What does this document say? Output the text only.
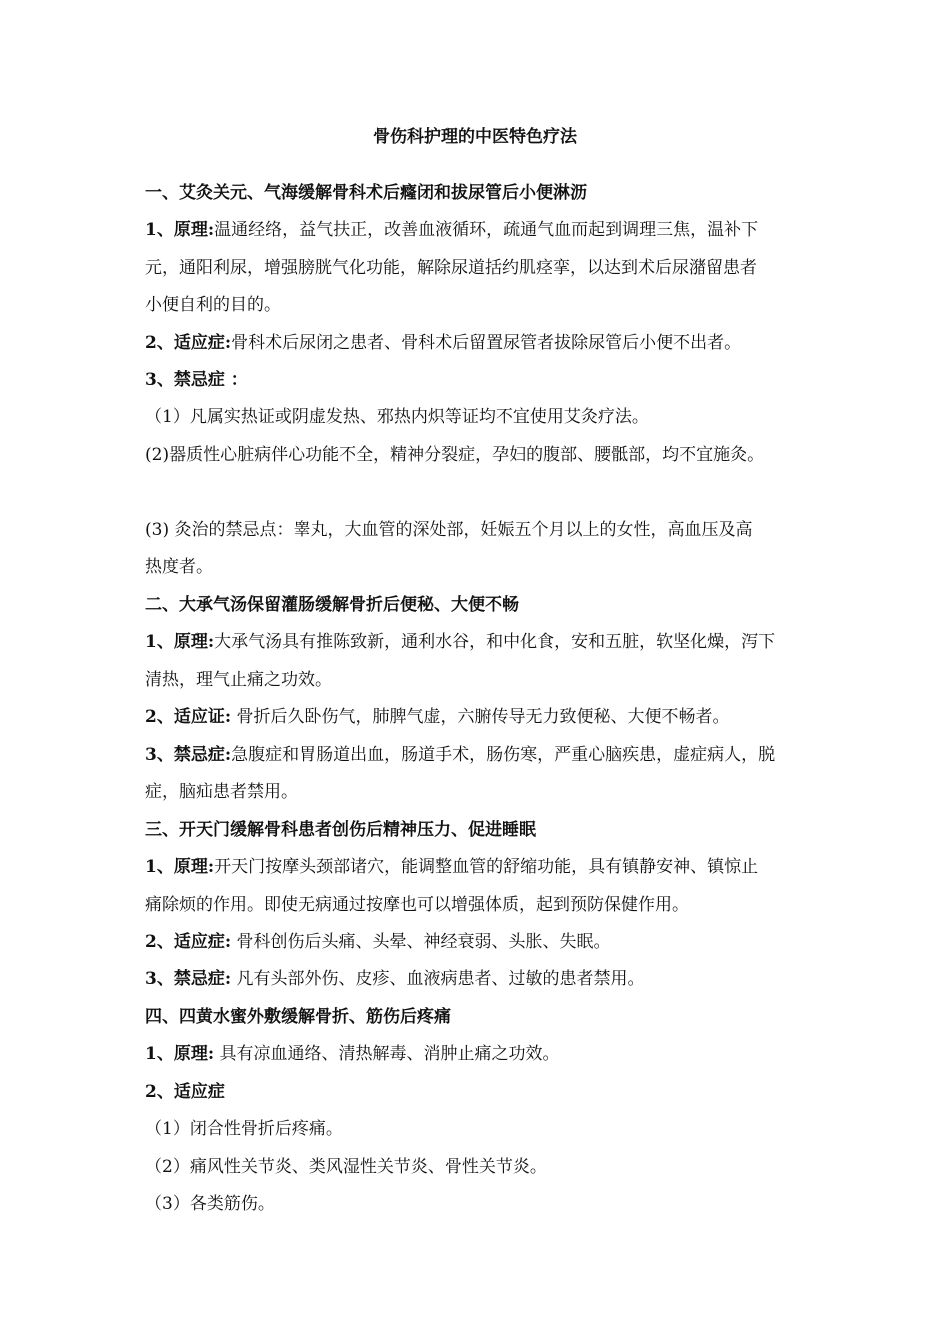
骨伤科护理的中医特色疗法
一、艾灸关元、气海缓解骨科术后癃闭和拔尿管后小便淋沥
1、原理:温通经络，益气扶正，改善血液循环，疏通气血而起到调理三焦，温补下
元，通阳利尿，增强膀胱气化功能，解除尿道括约肌痉挛，以达到术后尿潴留患者
小便自利的目的。
2、适应症:骨科术后尿闭之患者、骨科术后留置尿管者拔除尿管后小便不出者。
3、禁忌症 ：
（1）凡属实热证或阴虚发热、邪热内炽等证均不宜使用艾灸疗法。
(2)器质性心脏病伴心功能不全，精神分裂症，孕妇的腹部、腰骶部，均不宜施灸。
(3) 灸治的禁忌点：睾丸，大血管的深处部，妊娠五个月以上的女性，高血压及高
热度者。
二、大承气汤保留灌肠缓解骨折后便秘、大便不畅
1、原理:大承气汤具有推陈致新，通利水谷，和中化食，安和五脏，软坚化燥，泻下
清热，理气止痛之功效。
2、适应证: 骨折后久卧伤气，肺脾气虚，六腑传导无力致便秘、大便不畅者。
3、禁忌症:急腹症和胃肠道出血，肠道手术，肠伤寒，严重心脑疾患，虚症病人，脱
症，脑疝患者禁用。
三、开天门缓解骨科患者创伤后精神压力、促进睡眠
1、原理:开天门按摩头颈部诸穴，能调整血管的舒缩功能，具有镇静安神、镇惊止
痛除烦的作用。即使无病通过按摩也可以增强体质，起到预防保健作用。
2、适应症: 骨科创伤后头痛、头晕、神经衰弱、头胀、失眠。
3、禁忌症: 凡有头部外伤、皮疹、血液病患者、过敏的患者禁用。
四、四黄水蜜外敷缓解骨折、筋伤后疼痛
1、原理: 具有凉血通络、清热解毒、消肿止痛之功效。
2、适应症
（1）闭合性骨折后疼痛。
（2）痛风性关节炎、类风湿性关节炎、骨性关节炎。
（3）各类筋伤。
